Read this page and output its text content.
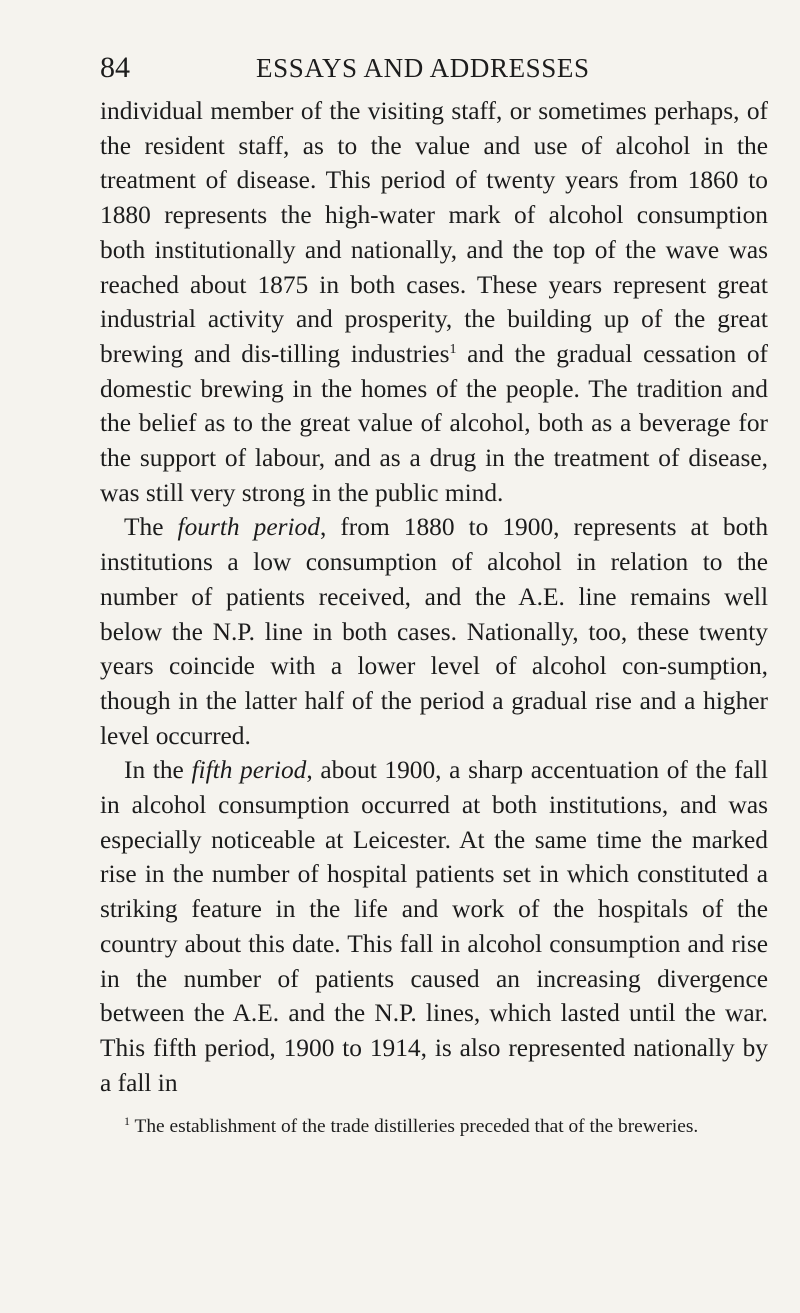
84	ESSAYS AND ADDRESSES

individual member of the visiting staff, or sometimes perhaps, of the resident staff, as to the value and use of alcohol in the treatment of disease. This period of twenty years from 1860 to 1880 represents the high-water mark of alcohol consumption both institutionally and nationally, and the top of the wave was reached about 1875 in both cases. These years represent great industrial activity and prosperity, the building up of the great brewing and dis-tilling industries$^1$ and the gradual cessation of domestic brewing in the homes of the people. The tradition and the belief as to the great value of alcohol, both as a beverage for the support of labour, and as a drug in the treatment of disease, was still very strong in the public mind.

The fourth period, from 1880 to 1900, represents at both institutions a low consumption of alcohol in relation to the number of patients received, and the A.E. line remains well below the N.P. line in both cases. Nationally, too, these twenty years coincide with a lower level of alcohol con-sumption, though in the latter half of the period a gradual rise and a higher level occurred.

In the fifth period, about 1900, a sharp accentuation of the fall in alcohol consumption occurred at both institutions, and was especially noticeable at Leicester. At the same time the marked rise in the number of hospital patients set in which constituted a striking feature in the life and work of the hospitals of the country about this date. This fall in alcohol consumption and rise in the number of patients caused an increasing divergence between the A.E. and the N.P. lines, which lasted until the war. This fifth period, 1900 to 1914, is also represented nationally by a fall in

$^1$ The establishment of the trade distilleries preceded that of the breweries.
